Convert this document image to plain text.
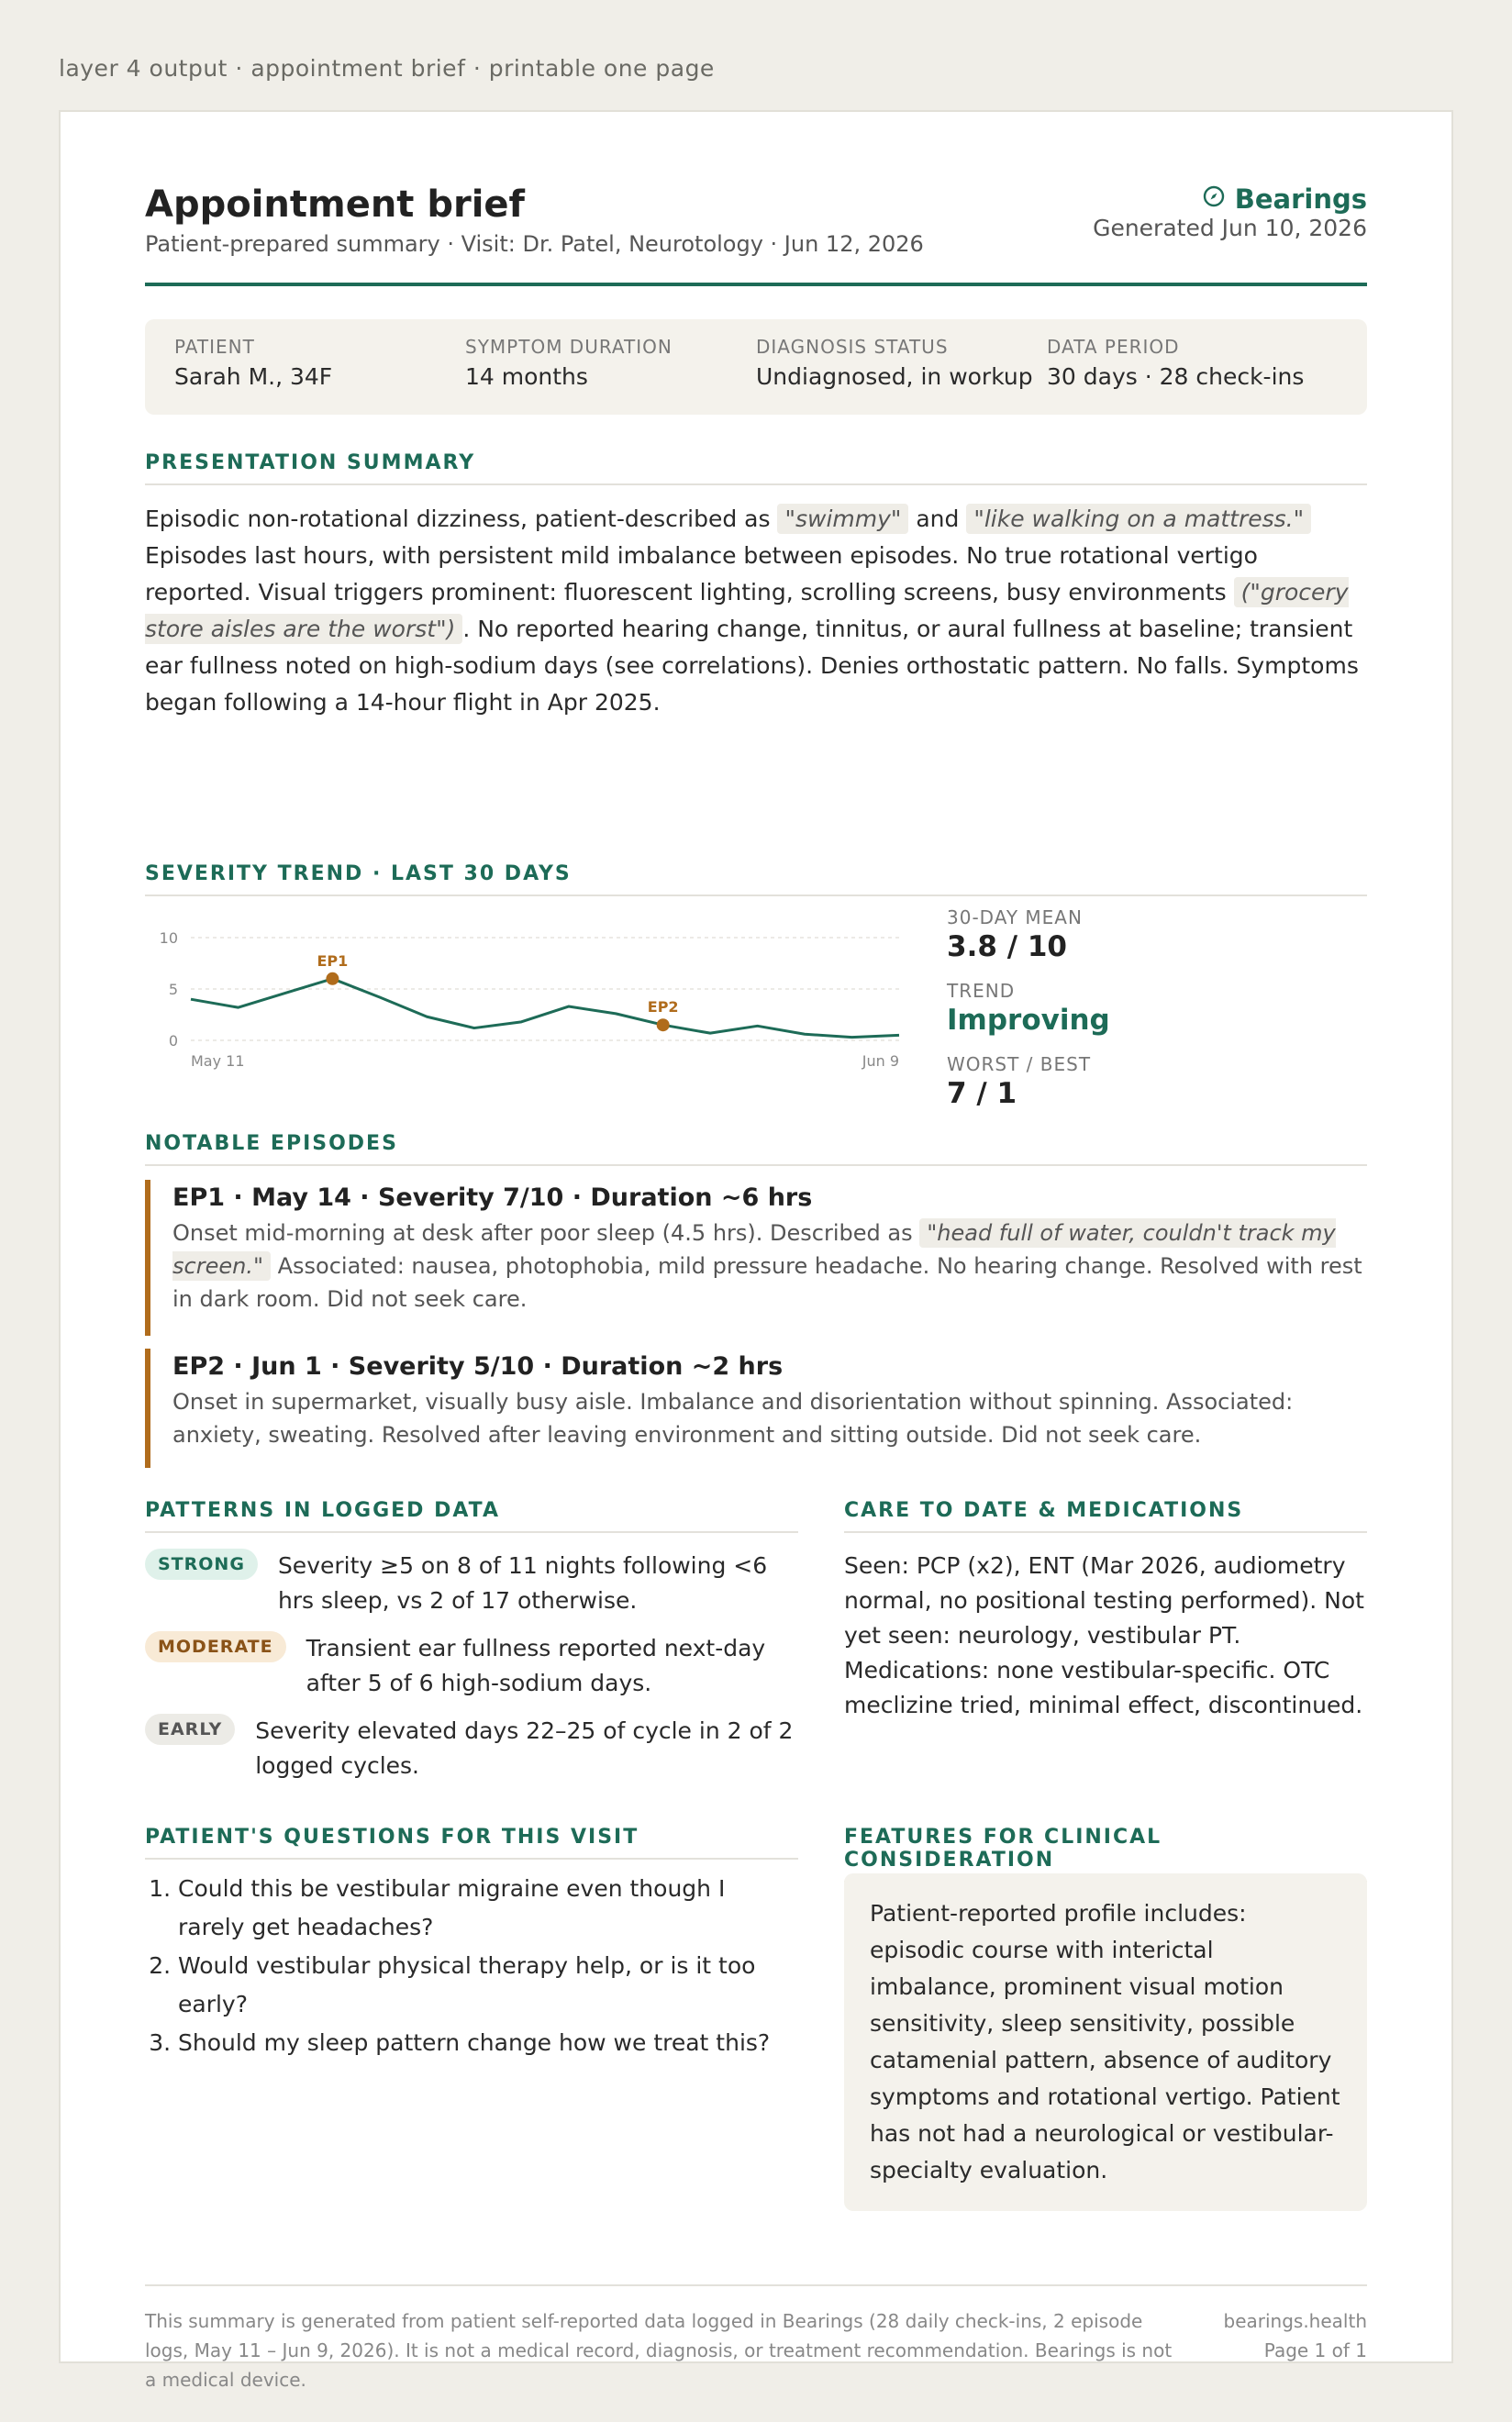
layer 4 output · appointment brief · printable one page
Appointment brief
Patient-prepared summary · Visit: Dr. Patel, Neurotology · Jun 12, 2026
Bearings
Generated Jun 10, 2026
PATIENT
Sarah M., 34F
SYMPTOM DURATION
14 months
DIAGNOSIS STATUS
Undiagnosed, in workup
DATA PERIOD
30 days · 28 check-ins
PRESENTATION SUMMARY
Episodic non-rotational dizziness, patient-described as "swimmy" and "like walking on a mattress." Episodes last hours, with persistent mild imbalance between episodes. No true rotational vertigo reported. Visual triggers prominent: fluorescent lighting, scrolling screens, busy environments ("grocery store aisles are the worst") . No reported hearing change, tinnitus, or aural fullness at baseline; transient ear fullness noted on high-sodium days (see correlations). Denies orthostatic pattern. No falls. Symptoms began following a 14-hour flight in Apr 2025.
SEVERITY TREND · LAST 30 DAYS
0
5
10
EP1
EP2
May 11	Jun 9
30-DAY MEAN
3.8 / 10
TREND
Improving
WORST / BEST
7 / 1
NOTABLE EPISODES
EP1 · May 14 · Severity 7/10 · Duration ~6 hrs
Onset mid-morning at desk after poor sleep (4.5 hrs). Described as "head full of water, couldn't track my screen." Associated: nausea, photophobia, mild pressure headache. No hearing change. Resolved with rest in dark room. Did not seek care.
EP2 · Jun 1 · Severity 5/10 · Duration ~2 hrs
Onset in supermarket, visually busy aisle. Imbalance and disorientation without spinning. Associated: anxiety, sweating. Resolved after leaving environment and sitting outside. Did not seek care.
PATTERNS IN LOGGED DATA
STRONG	Severity ≥5 on 8 of 11 nights following <6 hrs sleep, vs 2 of 17 otherwise.
MODERATE	Transient ear fullness reported next-day after 5 of 6 high-sodium days.
EARLY	Severity elevated days 22–25 of cycle in 2 of 2 logged cycles.
CARE TO DATE & MEDICATIONS
Seen: PCP (x2), ENT (Mar 2026, audiometry normal, no positional testing performed). Not yet seen: neurology, vestibular PT. Medications: none vestibular-specific. OTC meclizine tried, minimal effect, discontinued.
PATIENT'S QUESTIONS FOR THIS VISIT
1. Could this be vestibular migraine even though I rarely get headaches?
2. Would vestibular physical therapy help, or is it too early?
3. Should my sleep pattern change how we treat this?
FEATURES FOR CLINICAL CONSIDERATION
Patient-reported profile includes: episodic course with interictal imbalance, prominent visual motion sensitivity, sleep sensitivity, possible catamenial pattern, absence of auditory symptoms and rotational vertigo. Patient has not had a neurological or vestibular-specialty evaluation.
This summary is generated from patient self-reported data logged in Bearings (28 daily check-ins, 2 episode logs, May 11 – Jun 9, 2026). It is not a medical record, diagnosis, or treatment recommendation. Bearings is not a medical device.
bearings.health
Page 1 of 1
